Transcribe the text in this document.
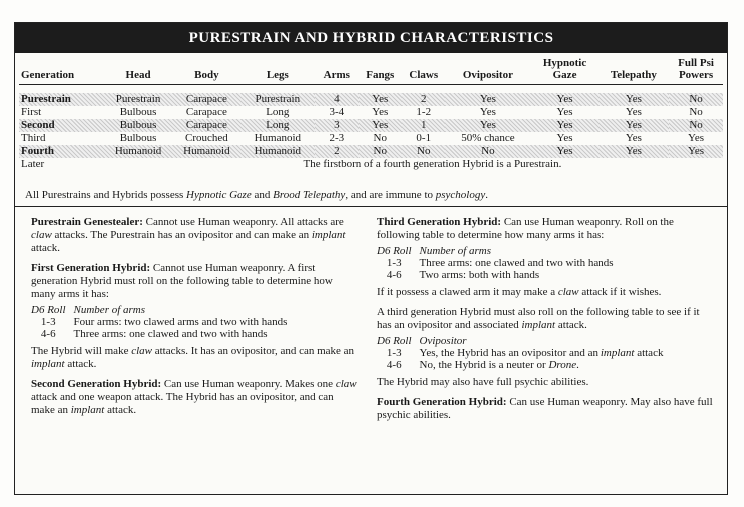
PURESTRAIN AND HYBRID CHARACTERISTICS
Generation	Head	Body	Legs	Arms	Fangs	Claws	Ovipositor	Hypnotic Gaze	Telepathy	Full Psi Powers

Purestrain	Purestrain	Carapace	Purestrain	4	Yes	2	Yes	Yes	Yes	No
First	Bulbous	Carapace	Long	3-4	Yes	1-2	Yes	Yes	Yes	No
Second	Bulbous	Carapace	Long	3	Yes	1	Yes	Yes	Yes	No
Third	Bulbous	Crouched	Humanoid	2-3	No	0-1	50% chance	Yes	Yes	Yes
Fourth	Humanoid	Humanoid	Humanoid	2	No	No	No	Yes	Yes	Yes
Later	The firstborn of a fourth generation Hybrid is a Purestrain.									
All Purestrains and Hybrids possess Hypnotic Gaze and Brood Telepathy, and are immune to psychology.

Purestrain Genestealer: Cannot use Human weaponry. All attacks are claw attacks. The Purestrain has an ovipositor and can make an implant attack.

First Generation Hybrid: Cannot use Human weaponry. A first generation Hybrid must roll on the following table to determine how many arms it has:

D6 Roll	Number of arms
1-3	Four arms: two clawed arms and two with hands
4-6	Three arms: one clawed and two with hands

The Hybrid will make claw attacks. It has an ovipositor, and can make an implant attack.

Second Generation Hybrid: Can use Human weaponry. Makes one claw attack and one weapon attack. The Hybrid has an ovipositor, and can make an implant attack.

Third Generation Hybrid: Can use Human weaponry. Roll on the following table to determine how many arms it has:

D6 Roll	Number of arms
1-3	Three arms: one clawed and two with hands
4-6	Two arms: both with hands

If it possess a clawed arm it may make a claw attack if it wishes.

A third generation Hybrid must also roll on the following table to see if it has an ovipositor and associated implant attack.

D6 Roll	Ovipositor
1-3	Yes, the Hybrid has an ovipositor and an implant attack
4-6	No, the Hybrid is a neuter or Drone.

The Hybrid may also have full psychic abilities.

Fourth Generation Hybrid: Can use Human weaponry. May also have full psychic abilities.
